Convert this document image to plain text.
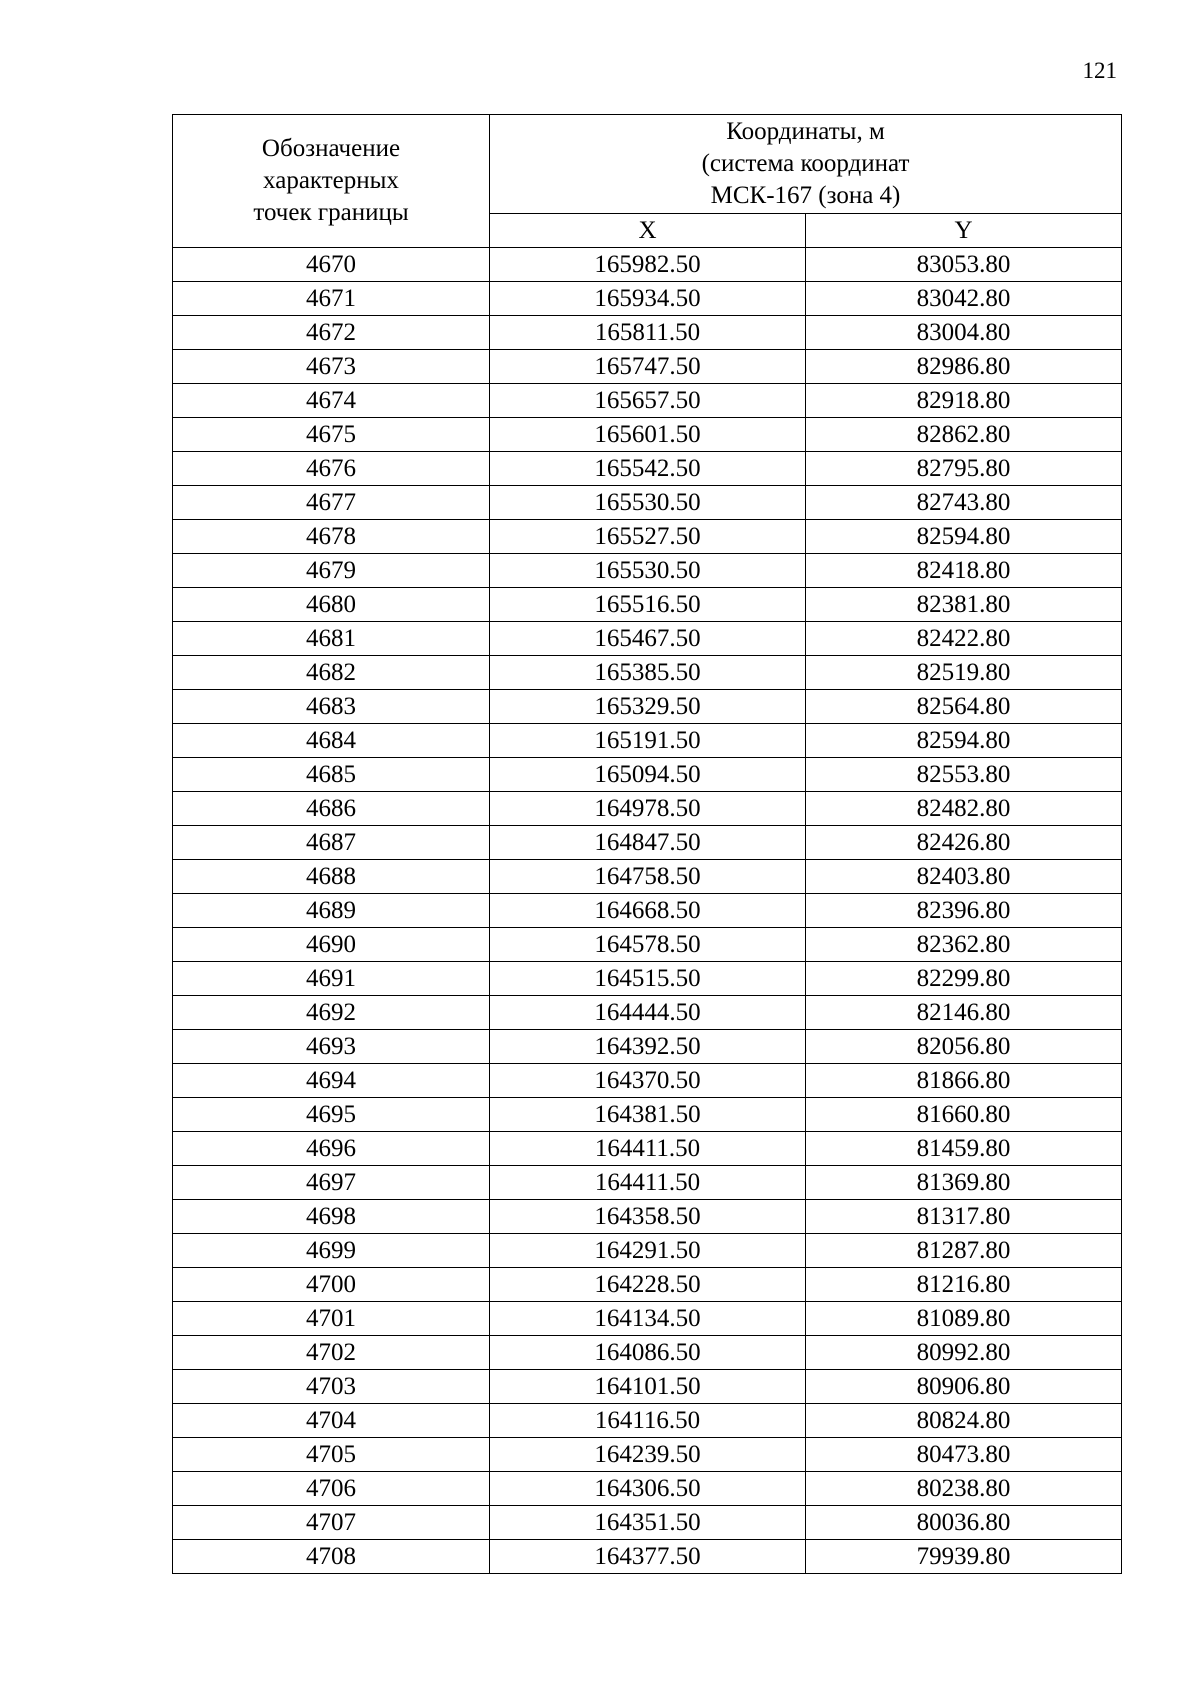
121
Обозначение
характерных
точек границы	Координаты, м
(система координат
МСК-167 (зона 4)	

	X	Y
4670	165982.50	83053.80
4671	165934.50	83042.80
4672	165811.50	83004.80
4673	165747.50	82986.80
4674	165657.50	82918.80
4675	165601.50	82862.80
4676	165542.50	82795.80
4677	165530.50	82743.80
4678	165527.50	82594.80
4679	165530.50	82418.80
4680	165516.50	82381.80
4681	165467.50	82422.80
4682	165385.50	82519.80
4683	165329.50	82564.80
4684	165191.50	82594.80
4685	165094.50	82553.80
4686	164978.50	82482.80
4687	164847.50	82426.80
4688	164758.50	82403.80
4689	164668.50	82396.80
4690	164578.50	82362.80
4691	164515.50	82299.80
4692	164444.50	82146.80
4693	164392.50	82056.80
4694	164370.50	81866.80
4695	164381.50	81660.80
4696	164411.50	81459.80
4697	164411.50	81369.80
4698	164358.50	81317.80
4699	164291.50	81287.80
4700	164228.50	81216.80
4701	164134.50	81089.80
4702	164086.50	80992.80
4703	164101.50	80906.80
4704	164116.50	80824.80
4705	164239.50	80473.80
4706	164306.50	80238.80
4707	164351.50	80036.80
4708	164377.50	79939.80
